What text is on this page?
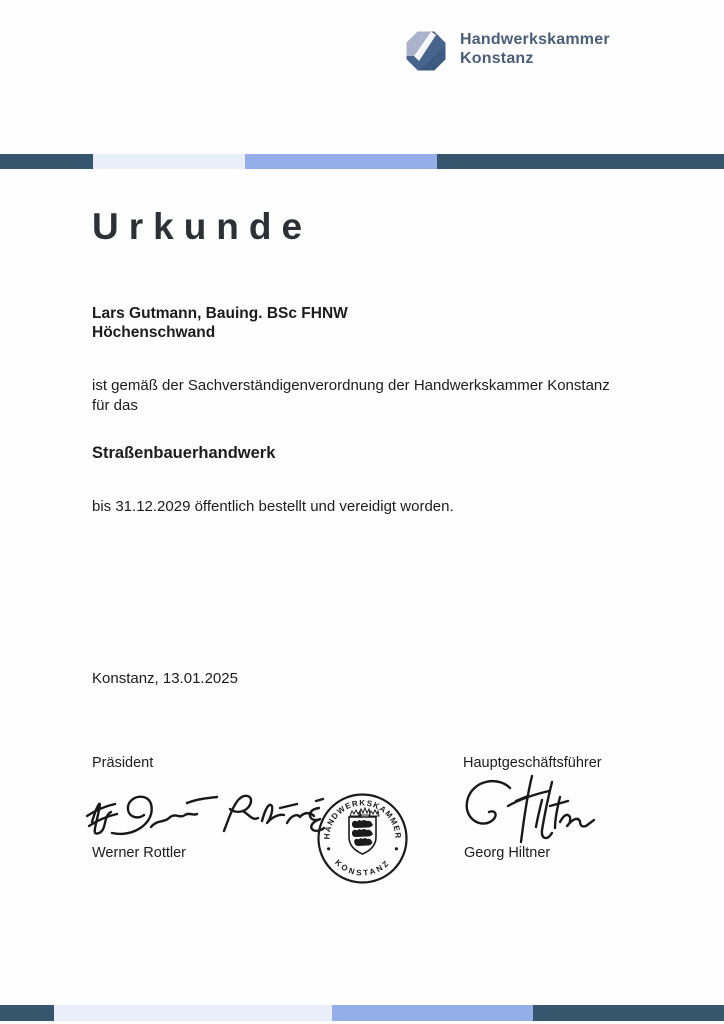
Handwerkskammer
Konstanz
Urkunde
Lars Gutmann, Bauing. BSc FHNW
Höchenschwand
ist gemäß der Sachverständigenverordnung der Handwerkskammer Konstanz
für das
Straßenbauerhandwerk
bis 31.12.2029 öffentlich bestellt und vereidigt worden.
Konstanz, 13.01.2025
Präsident	Hauptgeschäftsführer
HANDWERKSKAMMER
KONSTANZ
Werner Rottler	Georg Hiltner
